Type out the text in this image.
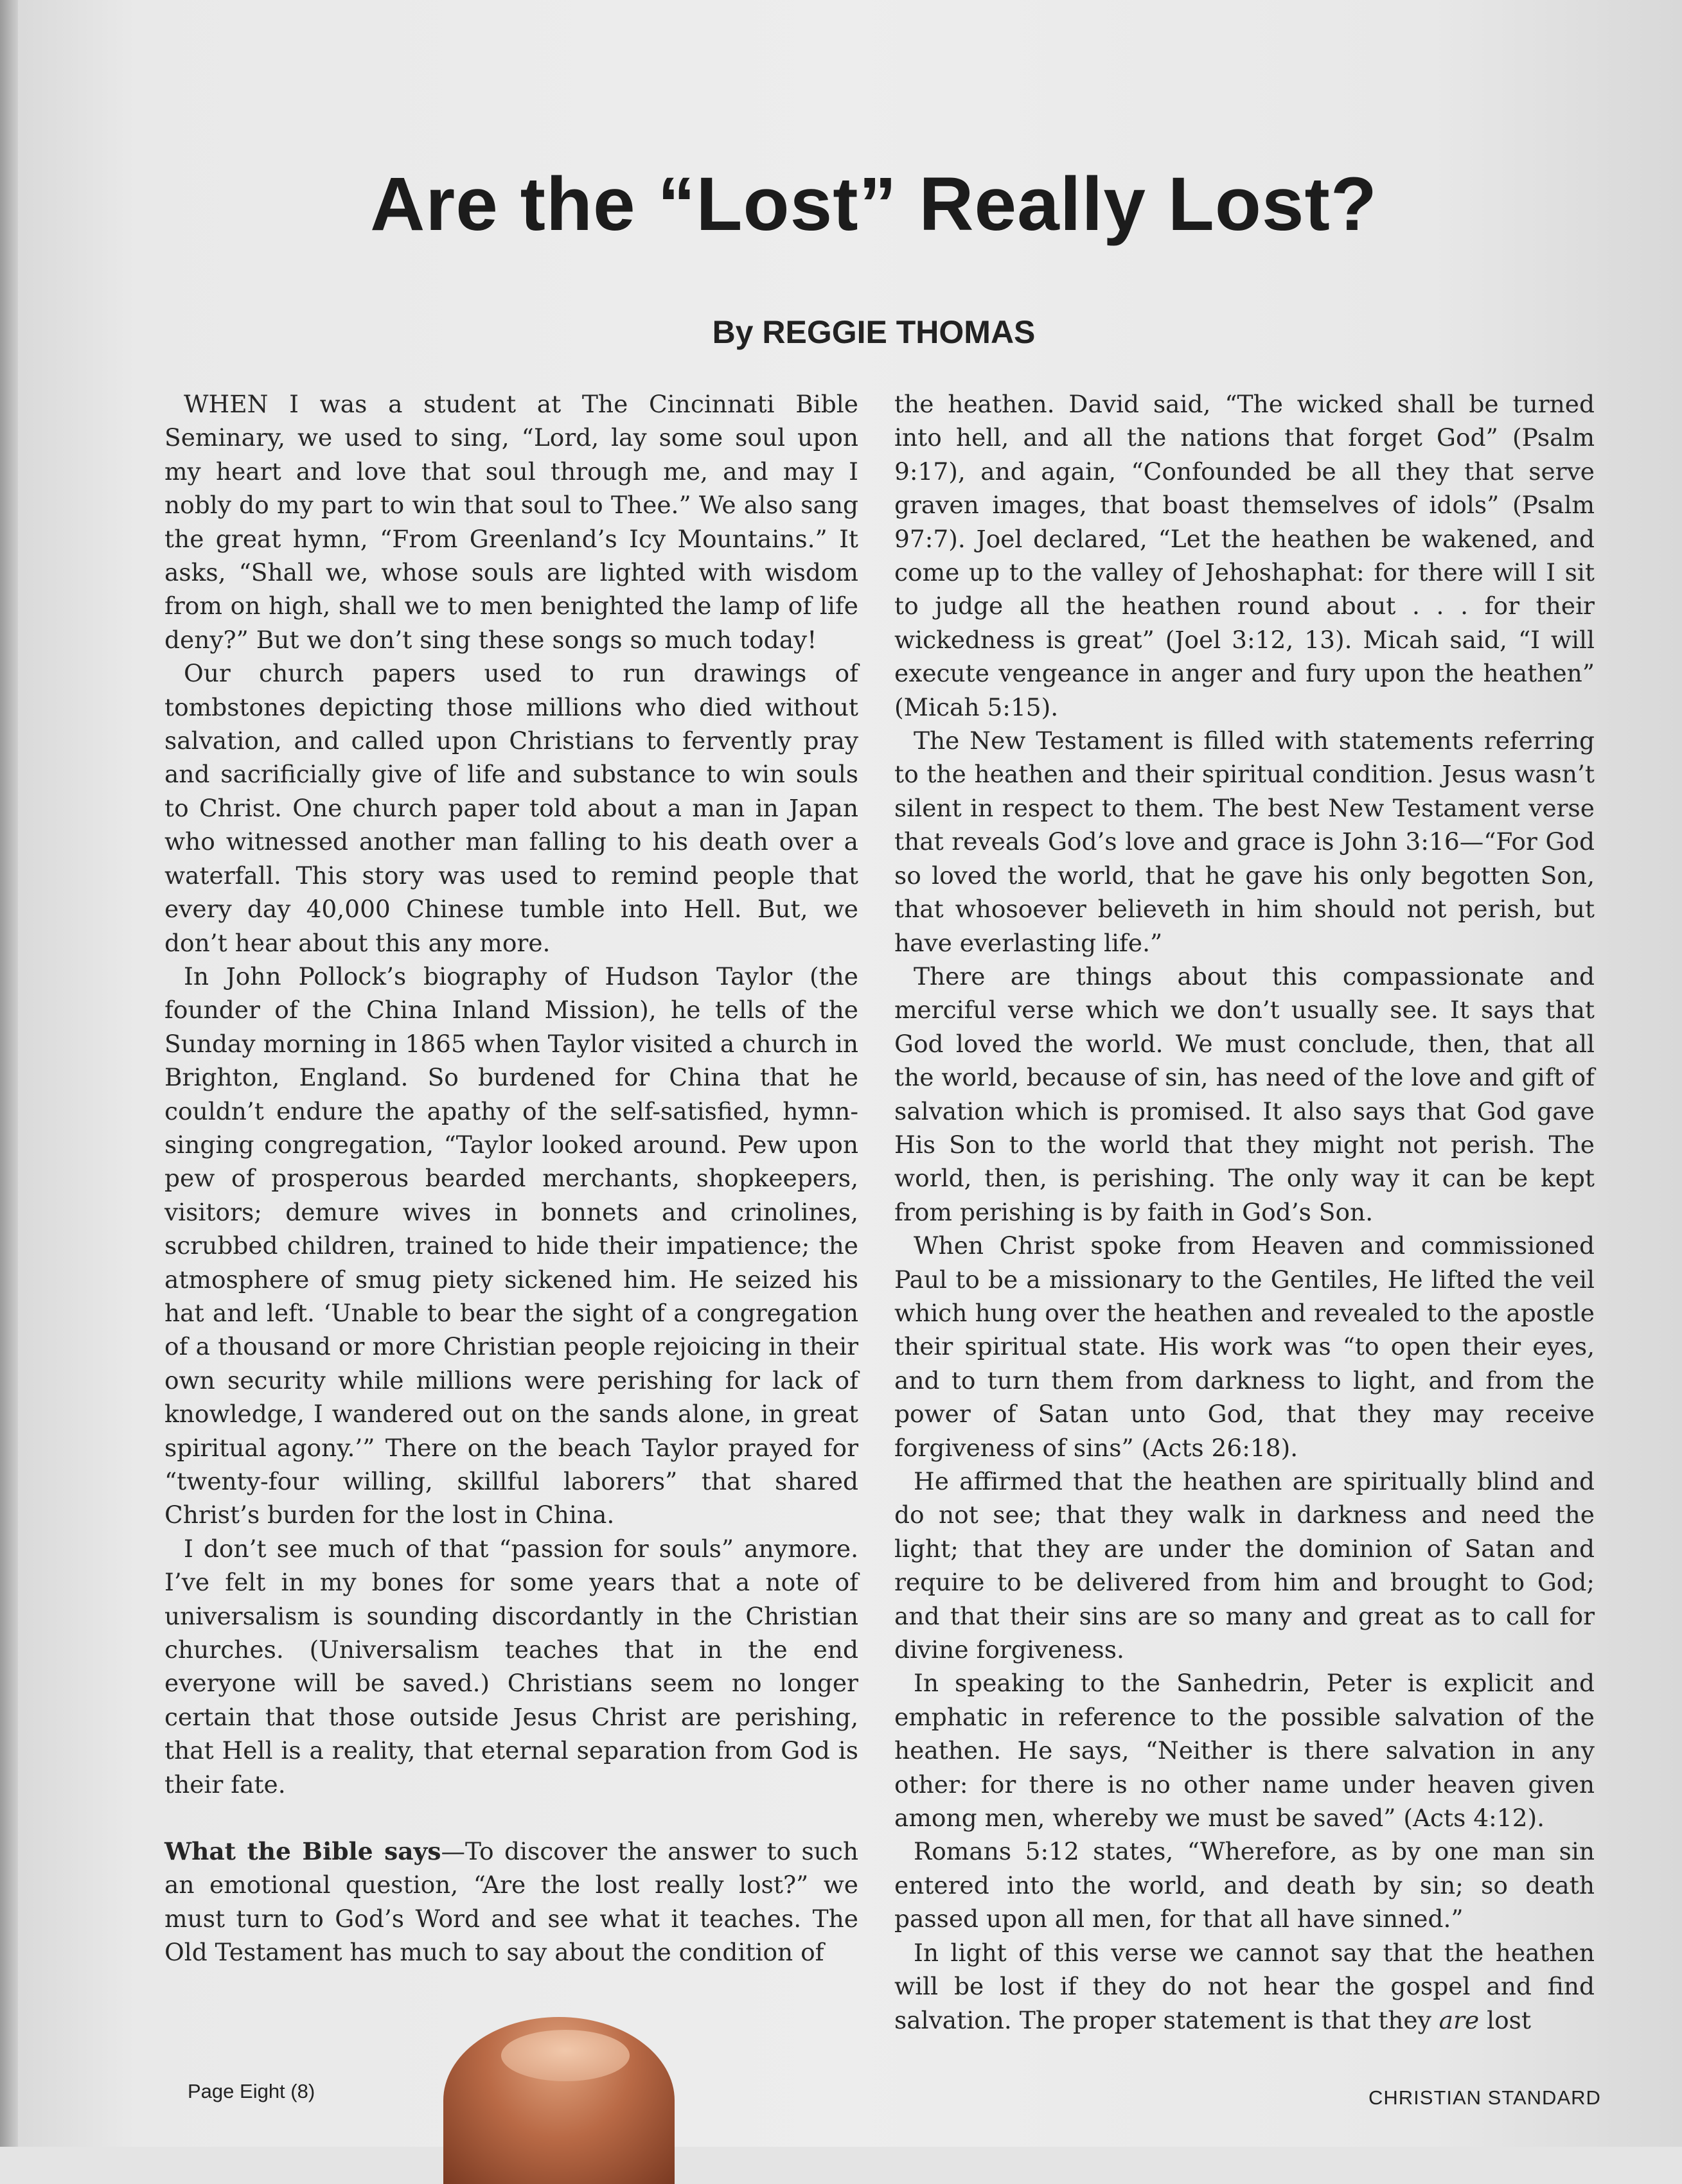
Are the “Lost” Really Lost?
By REGGIE THOMAS

WHEN I was a student at The Cincinnati Bible Seminary, we used to sing, “Lord, lay some soul upon my heart and love that soul through me, and may I nobly do my part to win that soul to Thee.” We also sang the great hymn, “From Greenland’s Icy Mountains.” It asks, “Shall we, whose souls are lighted with wisdom from on high, shall we to men benighted the lamp of life deny?” But we don’t sing these songs so much today!

Our church papers used to run drawings of tombstones depicting those millions who died without salvation, and called upon Christians to fervently pray and sacrificially give of life and substance to win souls to Christ. One church paper told about a man in Japan who witnessed another man falling to his death over a waterfall. This story was used to remind people that every day 40,000 Chinese tumble into Hell. But, we don’t hear about this any more.

In John Pollock’s biography of Hudson Taylor (the founder of the China Inland Mission), he tells of the Sunday morning in 1865 when Taylor visited a church in Brighton, England. So burdened for China that he couldn’t endure the apathy of the self-satisfied, hymn-singing congregation, “Taylor looked around. Pew upon pew of prosperous bearded merchants, shopkeepers, visitors; demure wives in bonnets and crinolines, scrubbed children, trained to hide their impatience; the atmosphere of smug piety sickened him. He seized his hat and left. ‘Unable to bear the sight of a congregation of a thousand or more Christian people rejoicing in their own security while millions were perishing for lack of knowledge, I wandered out on the sands alone, in great spiritual agony.’” There on the beach Taylor prayed for “twenty-four willing, skillful laborers” that shared Christ’s burden for the lost in China.

I don’t see much of that “passion for souls” anymore. I’ve felt in my bones for some years that a note of universalism is sounding discordantly in the Christian churches. (Universalism teaches that in the end everyone will be saved.) Christians seem no longer certain that those outside Jesus Christ are perishing, that Hell is a reality, that eternal separation from God is their fate.

What the Bible says—To discover the answer to such an emotional question, “Are the lost really lost?” we must turn to God’s Word and see what it teaches. The Old Testament has much to say about the condition of

the heathen. David said, “The wicked shall be turned into hell, and all the nations that forget God” (Psalm 9:17), and again, “Confounded be all they that serve graven images, that boast themselves of idols” (Psalm 97:7). Joel declared, “Let the heathen be wakened, and come up to the valley of Jehoshaphat: for there will I sit to judge all the heathen round about . . . for their wickedness is great” (Joel 3:12, 13). Micah said, “I will execute vengeance in anger and fury upon the heathen” (Micah 5:15).

The New Testament is filled with statements referring to the heathen and their spiritual condition. Jesus wasn’t silent in respect to them. The best New Testament verse that reveals God’s love and grace is John 3:16—“For God so loved the world, that he gave his only begotten Son, that whosoever believeth in him should not perish, but have everlasting life.”

There are things about this compassionate and merciful verse which we don’t usually see. It says that God loved the world. We must conclude, then, that all the world, because of sin, has need of the love and gift of salvation which is promised. It also says that God gave His Son to the world that they might not perish. The world, then, is perishing. The only way it can be kept from perishing is by faith in God’s Son.

When Christ spoke from Heaven and commissioned Paul to be a missionary to the Gentiles, He lifted the veil which hung over the heathen and revealed to the apostle their spiritual state. His work was “to open their eyes, and to turn them from darkness to light, and from the power of Satan unto God, that they may receive forgiveness of sins” (Acts 26:18).

He affirmed that the heathen are spiritually blind and do not see; that they walk in darkness and need the light; that they are under the dominion of Satan and require to be delivered from him and brought to God; and that their sins are so many and great as to call for divine forgiveness.

In speaking to the Sanhedrin, Peter is explicit and emphatic in reference to the possible salvation of the heathen. He says, “Neither is there salvation in any other: for there is no other name under heaven given among men, whereby we must be saved” (Acts 4:12).

Romans 5:12 states, “Wherefore, as by one man sin entered into the world, and death by sin; so death passed upon all men, for that all have sinned.”

In light of this verse we cannot say that the heathen will be lost if they do not hear the gospel and find salvation. The proper statement is that they are lost

Page Eight (8)	CHRISTIAN STANDARD
